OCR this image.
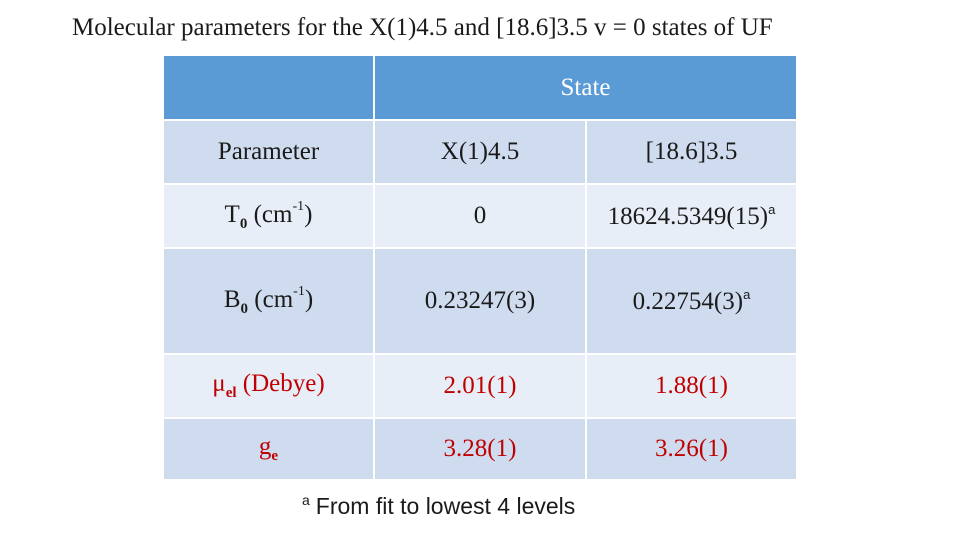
Molecular parameters for the X(1)4.5 and [18.6]3.5 v = 0 states of UF
	State	
Parameter	X(1)4.5	[18.6]3.5
$T_0$ $(cm^{-1})$	0	$18624.5349(15)^a$
$B_0$ $(cm^{-1})$	0.23247(3)	$0.22754(3)^a$
$\mu_{el}$ (Debye)	2.01(1)	1.88(1)
$g_e$	3.28(1)	3.26(1)
$^a$ From fit to lowest 4 levels
